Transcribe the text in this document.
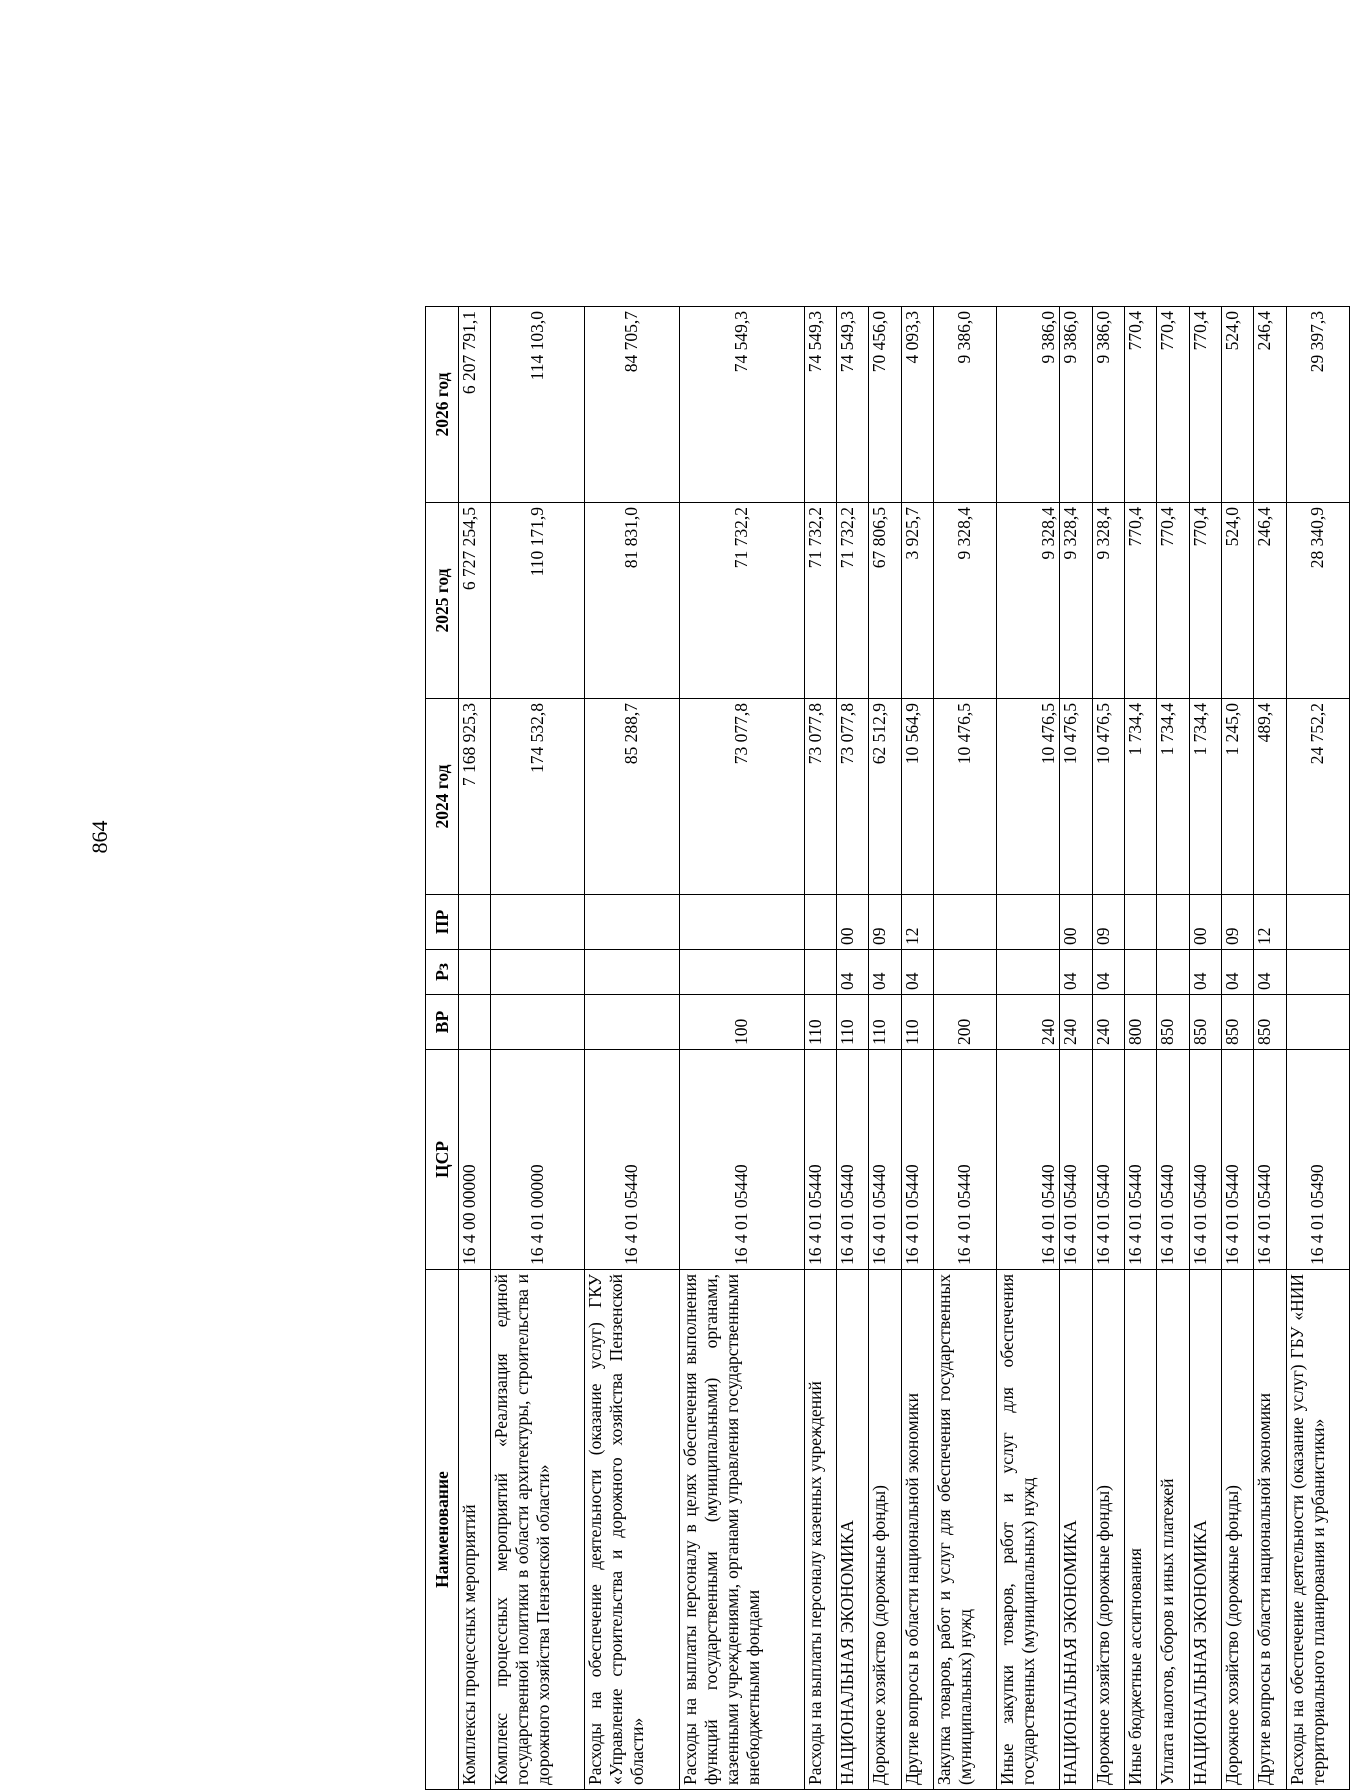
864
Наименование	ЦСР	ВР	Рз	ПР	2024 год	2025 год	2026 год
Комплексы процессных мероприятий	16 4 00 00000				7 168 925,3	6 727 254,5	6 207 791,1
Комплекс процессных мероприятий «Реализация единой государственной политики в области архитектуры, строительства и дорожного хозяйства Пензенской области»	16 4 01 00000				174 532,8	110 171,9	114 103,0
Расходы на обеспечение деятельности (оказание услуг) ГКУ «Управление строительства и дорожного хозяйства Пензенской области»	16 4 01 05440				85 288,7	81 831,0	84 705,7
Расходы на выплаты персоналу в целях обеспечения выполнения функций государственными (муниципальными) органами, казенными учреждениями, органами управления государственными внебюджетными фондами	16 4 01 05440	100			73 077,8	71 732,2	74 549,3
Расходы на выплаты персоналу казенных учреждений	16 4 01 05440	110			73 077,8	71 732,2	74 549,3
НАЦИОНАЛЬНАЯ ЭКОНОМИКА	16 4 01 05440	110	04	00	73 077,8	71 732,2	74 549,3
Дорожное хозяйство (дорожные фонды)	16 4 01 05440	110	04	09	62 512,9	67 806,5	70 456,0
Другие вопросы в области национальной экономики	16 4 01 05440	110	04	12	10 564,9	3 925,7	4 093,3
Закупка товаров, работ и услуг для обеспечения государственных (муниципальных) нужд	16 4 01 05440	200			10 476,5	9 328,4	9 386,0
Иные закупки товаров, работ и услуг для обеспечения государственных (муниципальных) нужд	16 4 01 05440	240			10 476,5	9 328,4	9 386,0
НАЦИОНАЛЬНАЯ ЭКОНОМИКА	16 4 01 05440	240	04	00	10 476,5	9 328,4	9 386,0
Дорожное хозяйство (дорожные фонды)	16 4 01 05440	240	04	09	10 476,5	9 328,4	9 386,0
Иные бюджетные ассигнования	16 4 01 05440	800			1 734,4	770,4	770,4
Уплата налогов, сборов и иных платежей	16 4 01 05440	850			1 734,4	770,4	770,4
НАЦИОНАЛЬНАЯ ЭКОНОМИКА	16 4 01 05440	850	04	00	1 734,4	770,4	770,4
Дорожное хозяйство (дорожные фонды)	16 4 01 05440	850	04	09	1 245,0	524,0	524,0
Другие вопросы в области национальной экономики	16 4 01 05440	850	04	12	489,4	246,4	246,4
Расходы на обеспечение деятельности (оказание услуг) ГБУ «НИИ территориального планирования и урбанистики»	16 4 01 05490				24 752,2	28 340,9	29 397,3
